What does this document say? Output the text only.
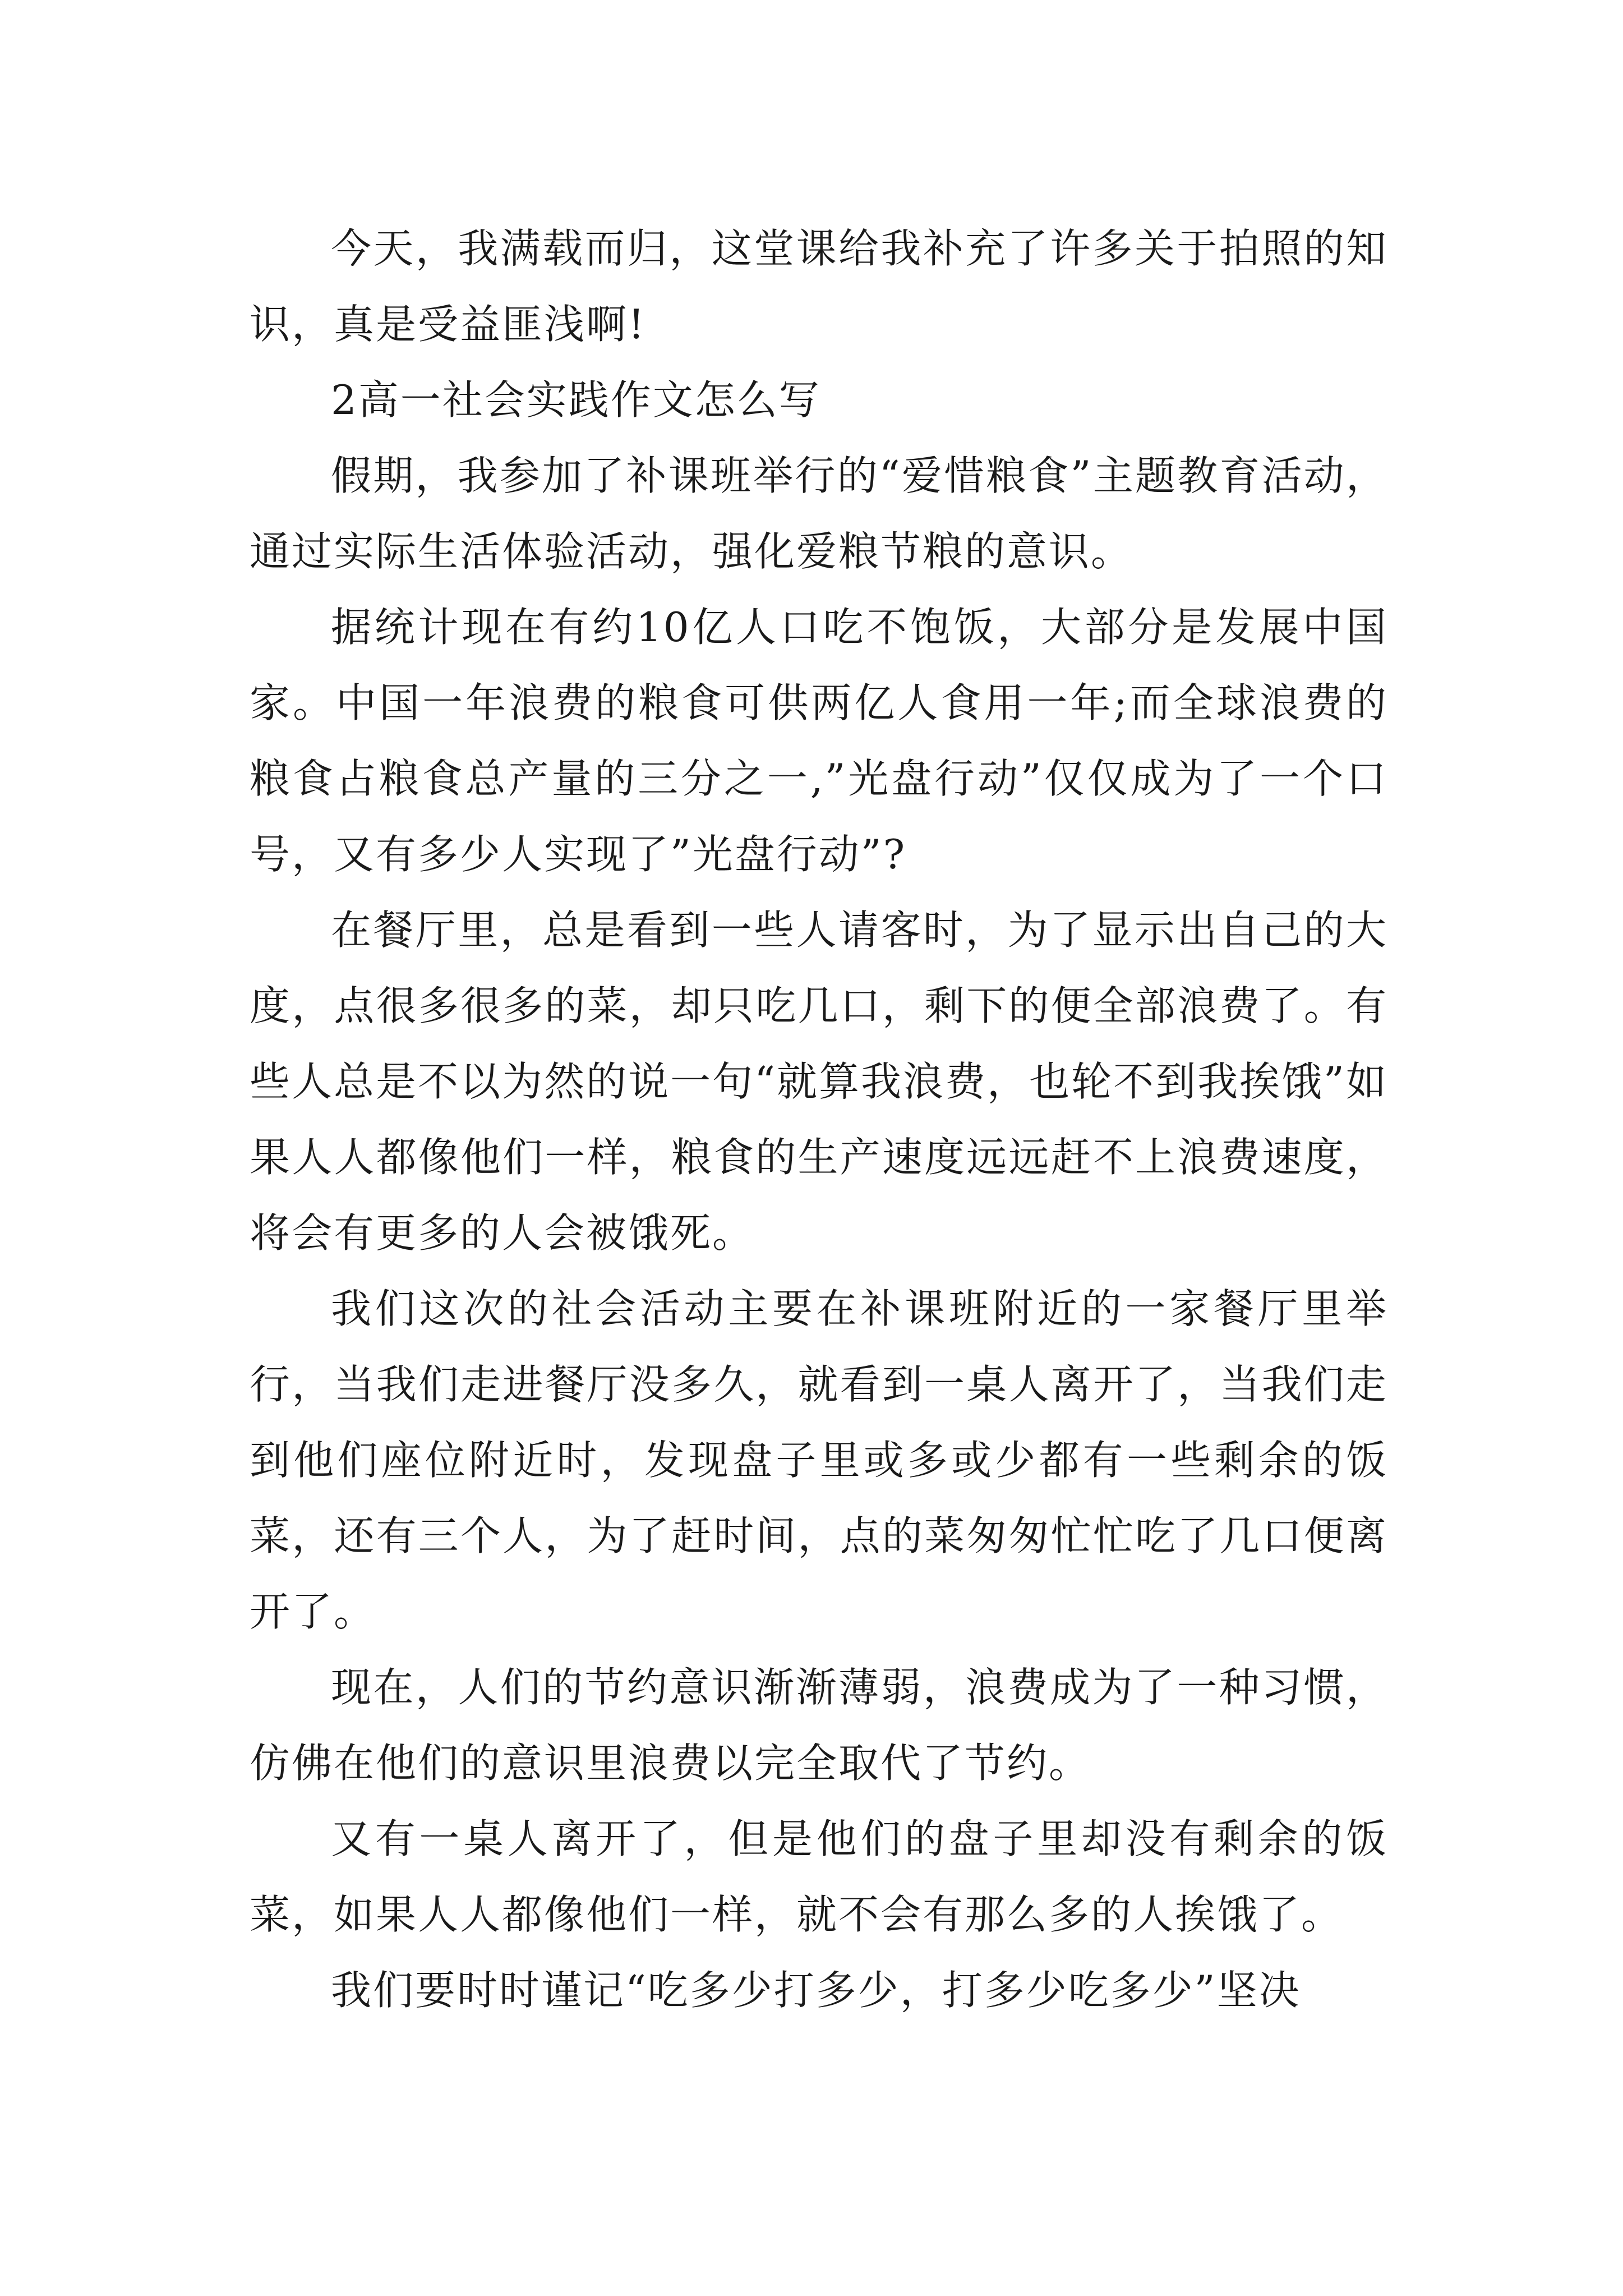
今天，我满载而归，这堂课给我补充了许多关于拍照的知识，真是受益匪浅啊!

2高一社会实践作文怎么写

假期，我参加了补课班举行的“爱惜粮食”主题教育活动，通过实际生活体验活动，强化爱粮节粮的意识。

据统计现在有约10亿人口吃不饱饭，大部分是发展中国家。中国一年浪费的粮食可供两亿人食用一年;而全球浪费的粮食占粮食总产量的三分之一,”光盘行动”仅仅成为了一个口号，又有多少人实现了”光盘行动”?

在餐厅里，总是看到一些人请客时，为了显示出自己的大度，点很多很多的菜，却只吃几口，剩下的便全部浪费了。有些人总是不以为然的说一句“就算我浪费，也轮不到我挨饿”如果人人都像他们一样，粮食的生产速度远远赶不上浪费速度，将会有更多的人会被饿死。

我们这次的社会活动主要在补课班附近的一家餐厅里举行，当我们走进餐厅没多久，就看到一桌人离开了，当我们走到他们座位附近时，发现盘子里或多或少都有一些剩余的饭菜，还有三个人，为了赶时间，点的菜匆匆忙忙吃了几口便离开了。

现在，人们的节约意识渐渐薄弱，浪费成为了一种习惯，仿佛在他们的意识里浪费以完全取代了节约。

又有一桌人离开了，但是他们的盘子里却没有剩余的饭菜，如果人人都像他们一样，就不会有那么多的人挨饿了。

我们要时时谨记“吃多少打多少，打多少吃多少”坚决
